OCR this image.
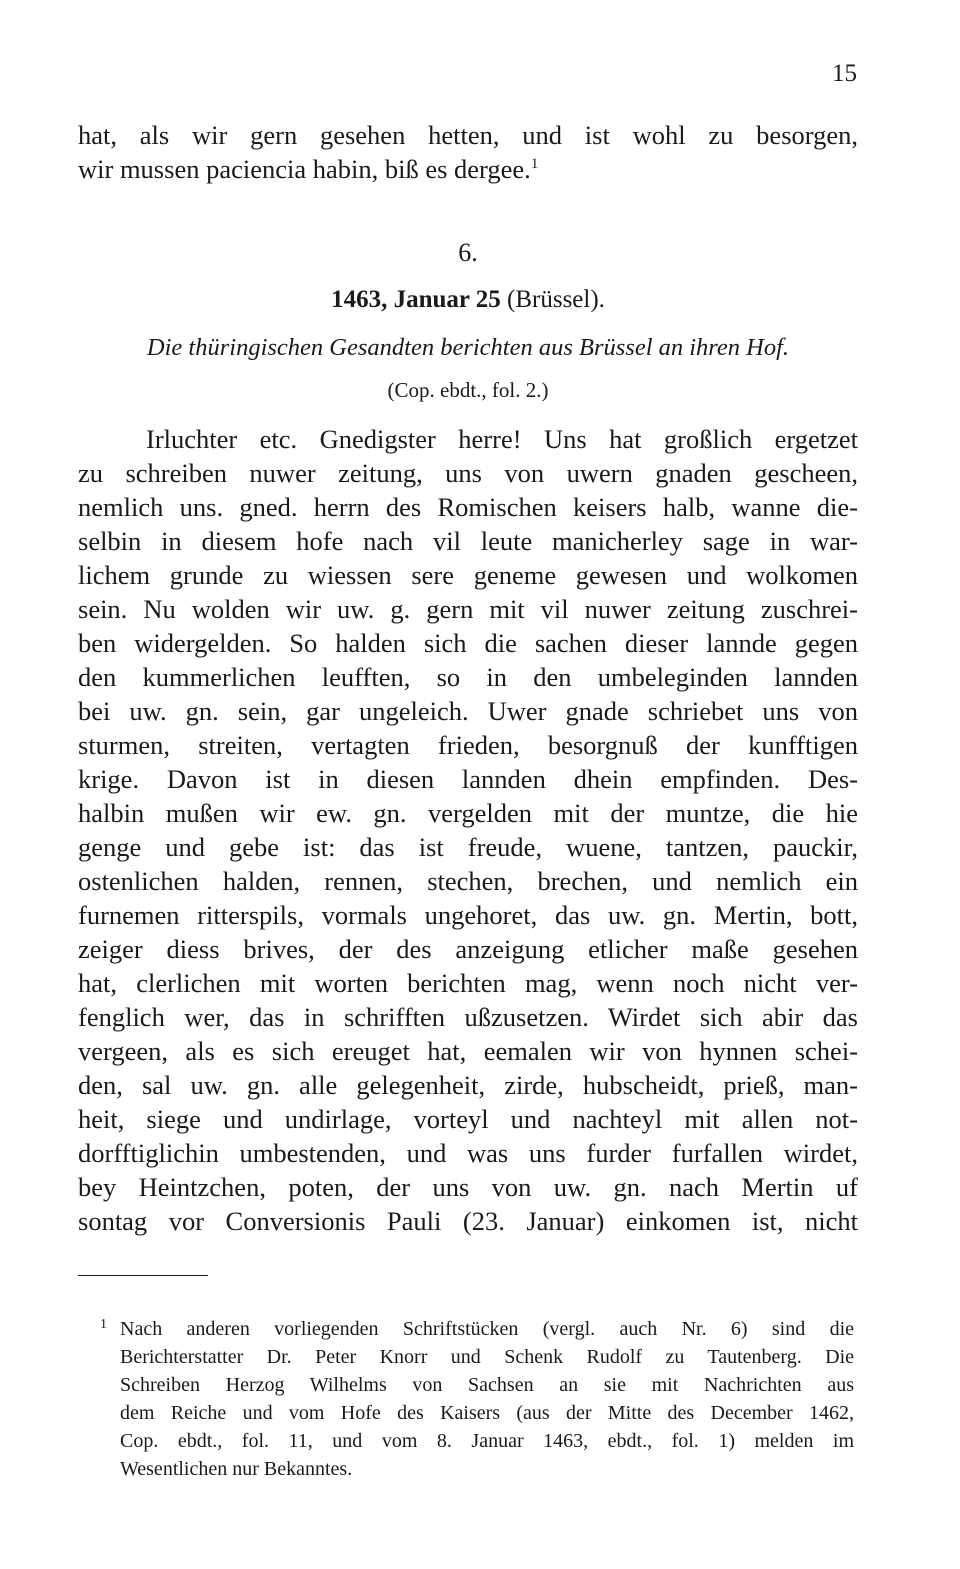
15
hat, als wir gern gesehen hetten, und ist wohl zu besorgen,
wir mussen paciencia habin, biß es dergee.$^1$
6.
1463, Januar 25 (Brüssel).
Die thüringischen Gesandten berichten aus Brüssel an ihren Hof.
(Cop. ebdt., fol. 2.)
Irluchter etc. Gnedigster herre! Uns hat großlich ergetzet
zu schreiben nuwer zeitung, uns von uwern gnaden gescheen,
nemlich uns. gned. herrn des Romischen keisers halb, wanne die-
selbin in diesem hofe nach vil leute manicherley sage in war-
lichem grunde zu wiessen sere geneme gewesen und wolkomen
sein. Nu wolden wir uw. g. gern mit vil nuwer zeitung zuschrei-
ben widergelden. So halden sich die sachen dieser lannde gegen
den kummerlichen leufften, so in den umbeleginden lannden
bei uw. gn. sein, gar ungeleich. Uwer gnade schriebet uns von
sturmen, streiten, vertagten frieden, besorgnuß der kunfftigen
krige. Davon ist in diesen lannden dhein empfinden. Des-
halbin mußen wir ew. gn. vergelden mit der muntze, die hie
genge und gebe ist: das ist freude, wuene, tantzen, pauckir,
ostenlichen halden, rennen, stechen, brechen, und nemlich ein
furnemen ritterspils, vormals ungehoret, das uw. gn. Mertin, bott,
zeiger diess brives, der des anzeigung etlicher maße gesehen
hat, clerlichen mit worten berichten mag, wenn noch nicht ver-
fenglich wer, das in schrifften ußzusetzen. Wirdet sich abir das
vergeen, als es sich ereuget hat, eemalen wir von hynnen schei-
den, sal uw. gn. alle gelegenheit, zirde, hubscheidt, prieß, man-
heit, siege und undirlage, vorteyl und nachteyl mit allen not-
dorfftiglichin umbestenden, und was uns furder furfallen wirdet,
bey Heintzchen, poten, der uns von uw. gn. nach Mertin uf
sontag vor Conversionis Pauli (23. Januar) einkomen ist, nicht
1 Nach anderen vorliegenden Schriftstücken (vergl. auch Nr. 6) sind die
Berichterstatter Dr. Peter Knorr und Schenk Rudolf zu Tautenberg. Die
Schreiben Herzog Wilhelms von Sachsen an sie mit Nachrichten aus
dem Reiche und vom Hofe des Kaisers (aus der Mitte des December 1462,
Cop. ebdt., fol. 11, und vom 8. Januar 1463, ebdt., fol. 1) melden im
Wesentlichen nur Bekanntes.
